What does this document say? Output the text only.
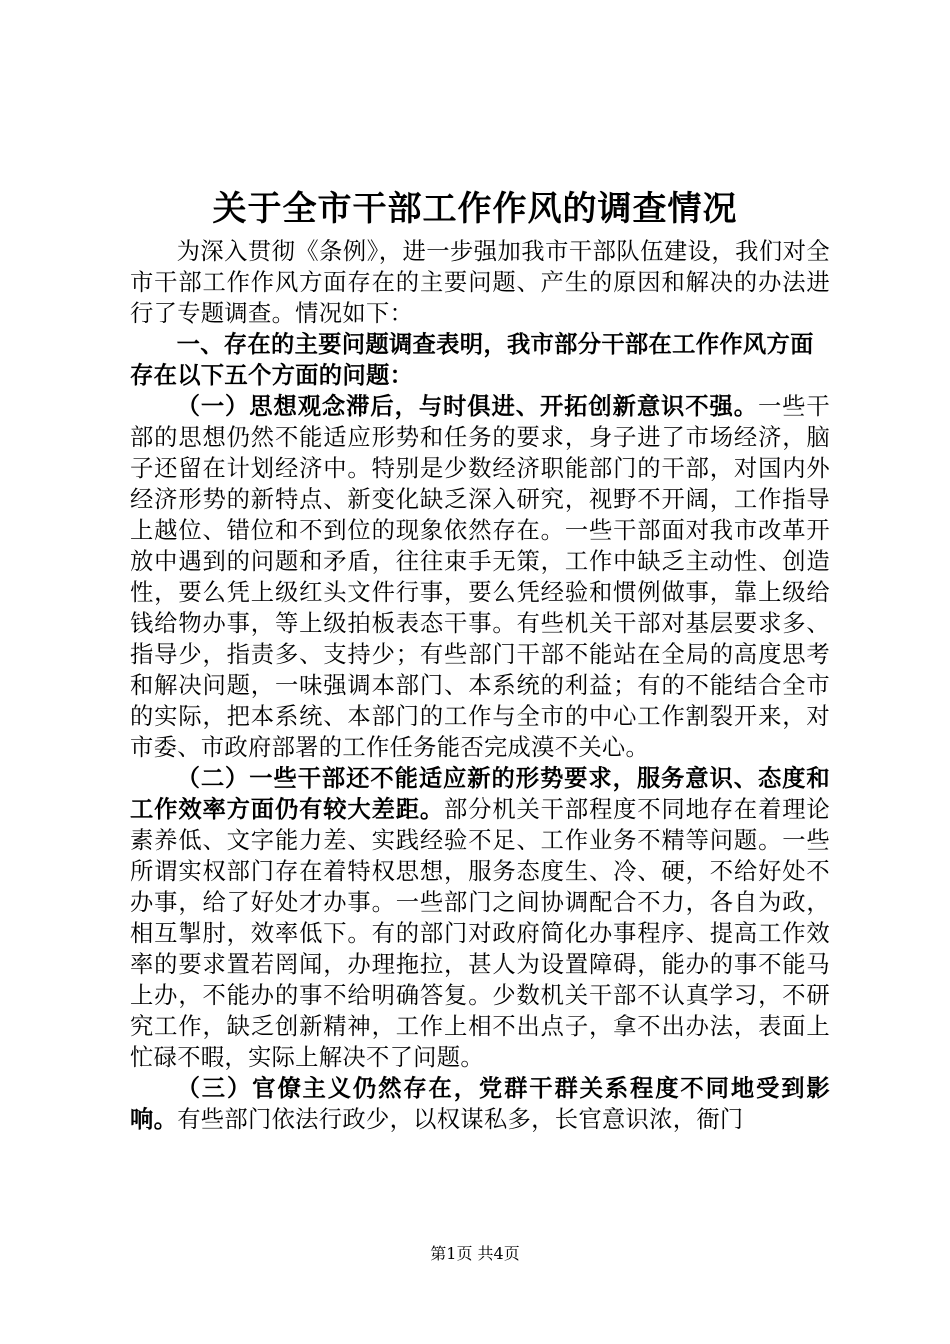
关于全市干部工作作风的调查情况

为深入贯彻《条例》，进一步强加我市干部队伍建设，我们对全市干部工作作风方面存在的主要问题、产生的原因和解决的办法进行了专题调查。情况如下：

一、存在的主要问题调查表明，我市部分干部在工作作风方面存在以下五个方面的问题：

（一）思想观念滞后，与时俱进、开拓创新意识不强。一些干部的思想仍然不能适应形势和任务的要求，身子进了市场经济，脑子还留在计划经济中。特别是少数经济职能部门的干部，对国内外经济形势的新特点、新变化缺乏深入研究，视野不开阔，工作指导上越位、错位和不到位的现象依然存在。一些干部面对我市改革开放中遇到的问题和矛盾，往往束手无策，工作中缺乏主动性、创造性，要么凭上级红头文件行事，要么凭经验和惯例做事，靠上级给钱给物办事，等上级拍板表态干事。有些机关干部对基层要求多、指导少，指责多、支持少；有些部门干部不能站在全局的高度思考和解决问题，一味强调本部门、本系统的利益；有的不能结合全市的实际，把本系统、本部门的工作与全市的中心工作割裂开来，对市委、市政府部署的工作任务能否完成漠不关心。

（二）一些干部还不能适应新的形势要求，服务意识、态度和工作效率方面仍有较大差距。部分机关干部程度不同地存在着理论素养低、文字能力差、实践经验不足、工作业务不精等问题。一些所谓实权部门存在着特权思想，服务态度生、冷、硬，不给好处不办事，给了好处才办事。一些部门之间协调配合不力，各自为政，相互掣肘，效率低下。有的部门对政府简化办事程序、提高工作效率的要求置若罔闻，办理拖拉，甚人为设置障碍，能办的事不能马上办，不能办的事不给明确答复。少数机关干部不认真学习，不研究工作，缺乏创新精神，工作上相不出点子，拿不出办法，表面上忙碌不暇，实际上解决不了问题。

（三）官僚主义仍然存在，党群干群关系程度不同地受到影响。有些部门依法行政少，以权谋私多，长官意识浓，衙门

第1页 共4页
